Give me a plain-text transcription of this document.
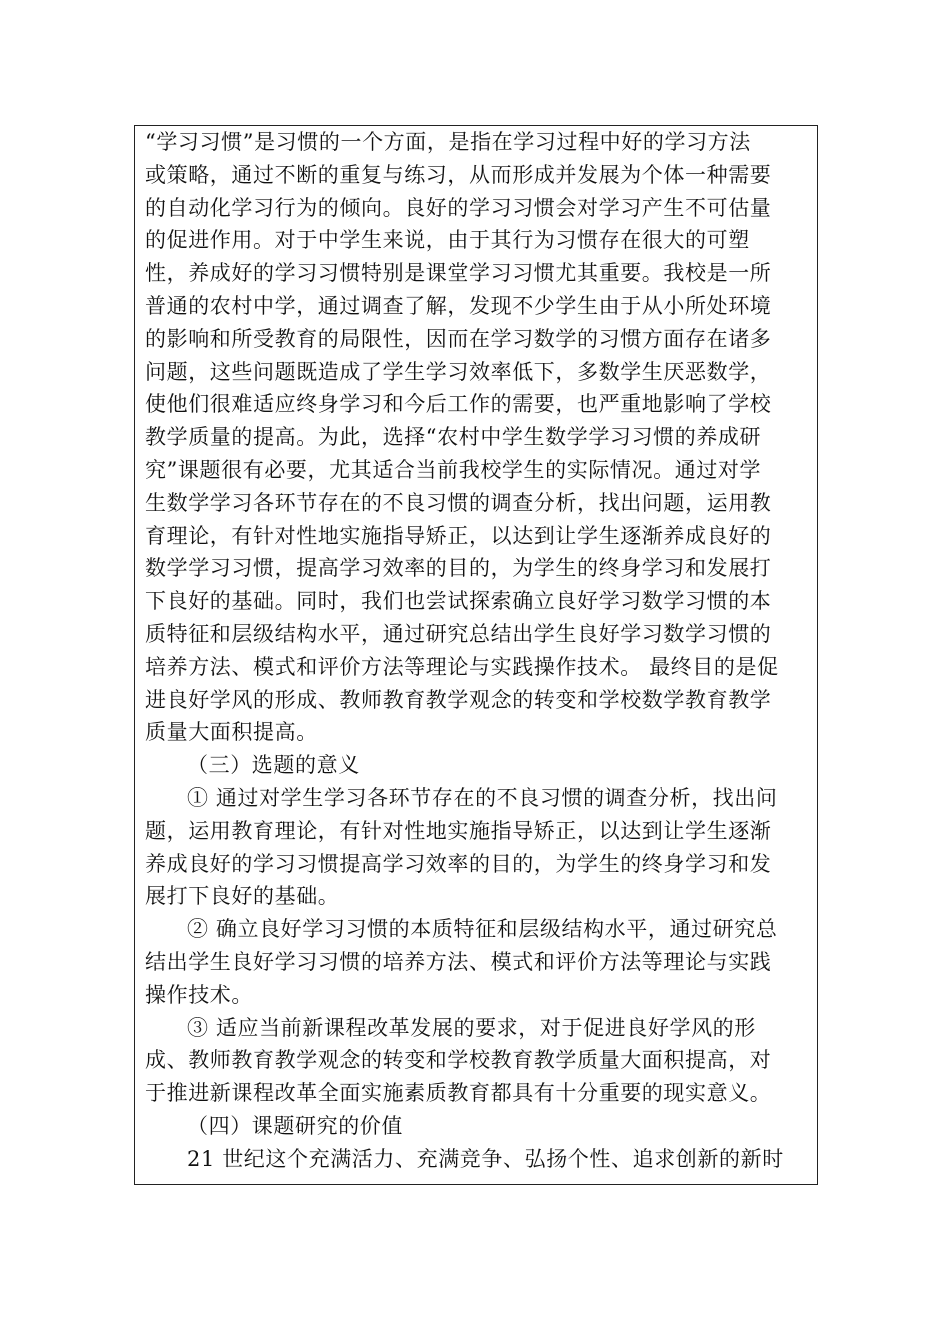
“学习习惯”是习惯的一个方面，是指在学习过程中好的学习方法
或策略，通过不断的重复与练习，从而形成并发展为个体一种需要
的自动化学习行为的倾向。良好的学习习惯会对学习产生不可估量
的促进作用。对于中学生来说，由于其行为习惯存在很大的可塑
性，养成好的学习习惯特别是课堂学习习惯尤其重要。我校是一所
普通的农村中学，通过调查了解，发现不少学生由于从小所处环境
的影响和所受教育的局限性，因而在学习数学的习惯方面存在诸多
问题，这些问题既造成了学生学习效率低下，多数学生厌恶数学，
使他们很难适应终身学习和今后工作的需要，也严重地影响了学校
教学质量的提高。为此，选择“农村中学生数学学习习惯的养成研
究”课题很有必要，尤其适合当前我校学生的实际情况。通过对学
生数学学习各环节存在的不良习惯的调查分析，找出问题，运用教
育理论，有针对性地实施指导矫正，以达到让学生逐渐养成良好的
数学学习习惯，提高学习效率的目的，为学生的终身学习和发展打
下良好的基础。同时，我们也尝试探索确立良好学习数学习惯的本
质特征和层级结构水平，通过研究总结出学生良好学习数学习惯的
培养方法、模式和评价方法等理论与实践操作技术。 最终目的是促
进良好学风的形成、教师教育教学观念的转变和学校数学教育教学
质量大面积提高。
（三）选题的意义
① 通过对学生学习各环节存在的不良习惯的调查分析，找出问
题，运用教育理论，有针对性地实施指导矫正，以达到让学生逐渐
养成良好的学习习惯提高学习效率的目的，为学生的终身学习和发
展打下良好的基础。
② 确立良好学习习惯的本质特征和层级结构水平，通过研究总
结出学生良好学习习惯的培养方法、模式和评价方法等理论与实践
操作技术。
③ 适应当前新课程改革发展的要求，对于促进良好学风的形
成、教师教育教学观念的转变和学校教育教学质量大面积提高，对
于推进新课程改革全面实施素质教育都具有十分重要的现实意义。
（四）课题研究的价值
21 世纪这个充满活力、充满竞争、弘扬个性、追求创新的新时
